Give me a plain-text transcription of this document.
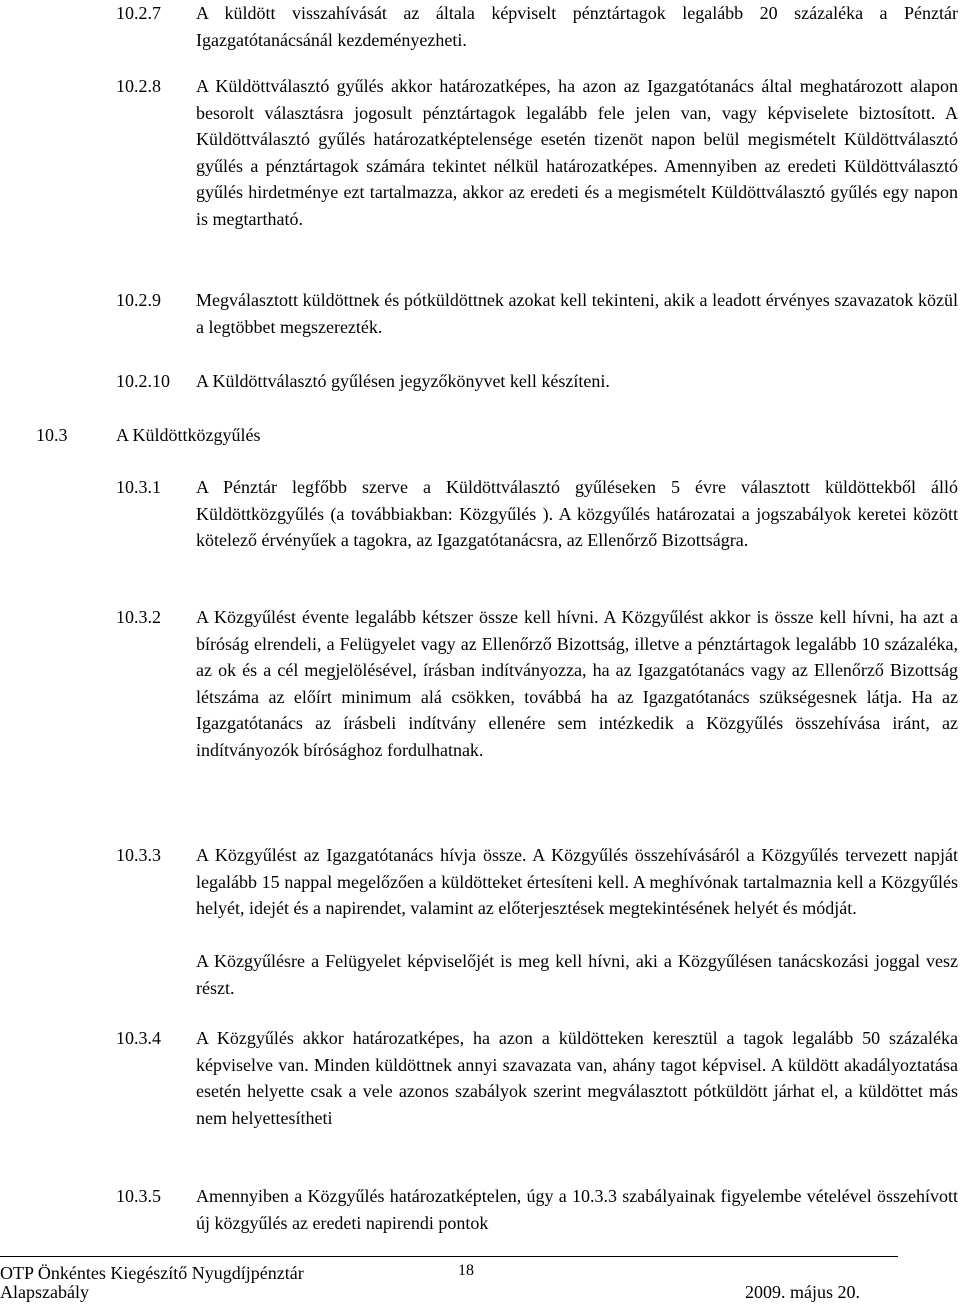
10.2.7 A küldött visszahívását az általa képviselt pénztártagok legalább 20 százaléka a Pénztár Igazgatótanácsánál kezdeményezheti.
10.2.8 A Küldöttválasztó gyűlés akkor határozatképes, ha azon az Igazgatótanács által meghatározott alapon besorolt választásra jogosult pénztártagok legalább fele jelen van, vagy képviselete biztosított. A Küldöttválasztó gyűlés határozatképtelensége esetén tizenöt napon belül megismételt Küldöttválasztó gyűlés a pénztártagok számára tekintet nélkül határozatképes. Amennyiben az eredeti Küldöttválasztó gyűlés hirdetménye ezt tartalmazza, akkor az eredeti és a megismételt Küldöttválasztó gyűlés egy napon is megtartható.
10.2.9 Megválasztott küldöttnek és pótküldöttnek azokat kell tekinteni, akik a leadott érvényes szavazatok közül a legtöbbet megszerezték.
10.2.10 A Küldöttválasztó gyűlésen jegyzőkönyvet kell készíteni.
10.3	A Küldöttközgyűlés
10.3.1 A Pénztár legfőbb szerve a Küldöttválasztó gyűléseken 5 évre választott küldöttekből álló Küldöttközgyűlés (a továbbiakban: Közgyűlés ). A közgyűlés határozatai a jogszabályok keretei között kötelező érvényűek a tagokra, az Igazgatótanácsra, az Ellenőrző Bizottságra.
10.3.2 A Közgyűlést évente legalább kétszer össze kell hívni. A Közgyűlést akkor is össze kell hívni, ha azt a bíróság elrendeli, a Felügyelet vagy az Ellenőrző Bizottság, illetve a pénztártagok legalább 10 százaléka, az ok és a cél megjelölésével, írásban indítványozza, ha az Igazgatótanács vagy az Ellenőrző Bizottság létszáma az előírt minimum alá csökken, továbbá ha az Igazgatótanács szükségesnek látja. Ha az Igazgatótanács az írásbeli indítvány ellenére sem intézkedik a Közgyűlés összehívása iránt, az indítványozók bírósághoz fordulhatnak.
10.3.3 A Közgyűlést az Igazgatótanács hívja össze. A Közgyűlés összehívásáról a Közgyűlés tervezett napját legalább 15 nappal megelőzően a küldötteket értesíteni kell. A meghívónak tartalmaznia kell a Közgyűlés helyét, idejét és a napirendet, valamint az előterjesztések megtekintésének helyét és módját.
A Közgyűlésre a Felügyelet képviselőjét is meg kell hívni, aki a Közgyűlésen tanácskozási joggal vesz részt.
10.3.4 A Közgyűlés akkor határozatképes, ha azon a küldötteken keresztül a tagok legalább 50 százaléka képviselve van. Minden küldöttnek annyi szavazata van, ahány tagot képvisel. A küldött akadályoztatása esetén helyette csak a vele azonos szabályok szerint megválasztott pótküldött járhat el, a küldöttet más nem helyettesítheti
10.3.5 Amennyiben a Közgyűlés határozatképtelen, úgy a 10.3.3 szabályainak figyelembe vételével összehívott új közgyűlés az eredeti napirendi pontok
OTP Önkéntes Kiegészítő Nyugdíjpénztár	18
Alapszabály	2009. május 20.
